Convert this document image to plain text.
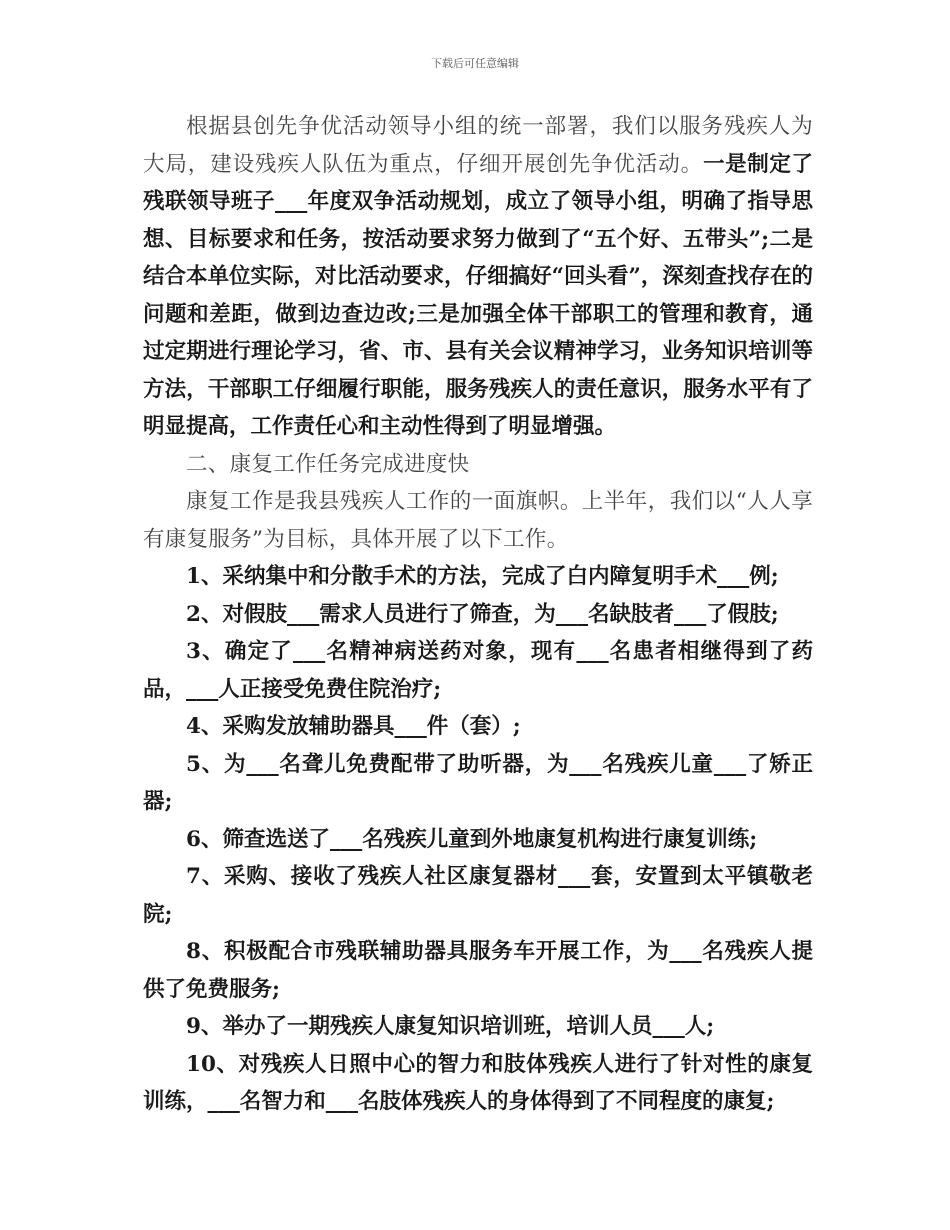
下载后可任意编辑

根据县创先争优活动领导小组的统一部署，我们以服务残疾人为大局，建设残疾人队伍为重点，仔细开展创先争优活动。一是制定了残联领导班子___年度双争活动规划，成立了领导小组，明确了指导思想、目标要求和任务，按活动要求努力做到了“五个好、五带头”;二是结合本单位实际，对比活动要求，仔细搞好“回头看”，深刻查找存在的问题和差距，做到边查边改;三是加强全体干部职工的管理和教育，通过定期进行理论学习，省、市、县有关会议精神学习，业务知识培训等方法，干部职工仔细履行职能，服务残疾人的责任意识，服务水平有了明显提高，工作责任心和主动性得到了明显增强。

二、康复工作任务完成进度快

康复工作是我县残疾人工作的一面旗帜。上半年，我们以“人人享有康复服务”为目标，具体开展了以下工作。

1、采纳集中和分散手术的方法，完成了白内障复明手术___例;

2、对假肢___需求人员进行了筛查，为___名缺肢者___了假肢;

3、确定了___名精神病送药对象，现有___名患者相继得到了药品，___人正接受免费住院治疗;

4、采购发放辅助器具___件（套）;

5、为___名聋儿免费配带了助听器，为___名残疾儿童___了矫正器;

6、筛查选送了___名残疾儿童到外地康复机构进行康复训练;

7、采购、接收了残疾人社区康复器材___套，安置到太平镇敬老院;

8、积极配合市残联辅助器具服务车开展工作，为___名残疾人提供了免费服务;

9、举办了一期残疾人康复知识培训班，培训人员___人;

10、对残疾人日照中心的智力和肢体残疾人进行了针对性的康复训练，___名智力和___名肢体残疾人的身体得到了不同程度的康复;
